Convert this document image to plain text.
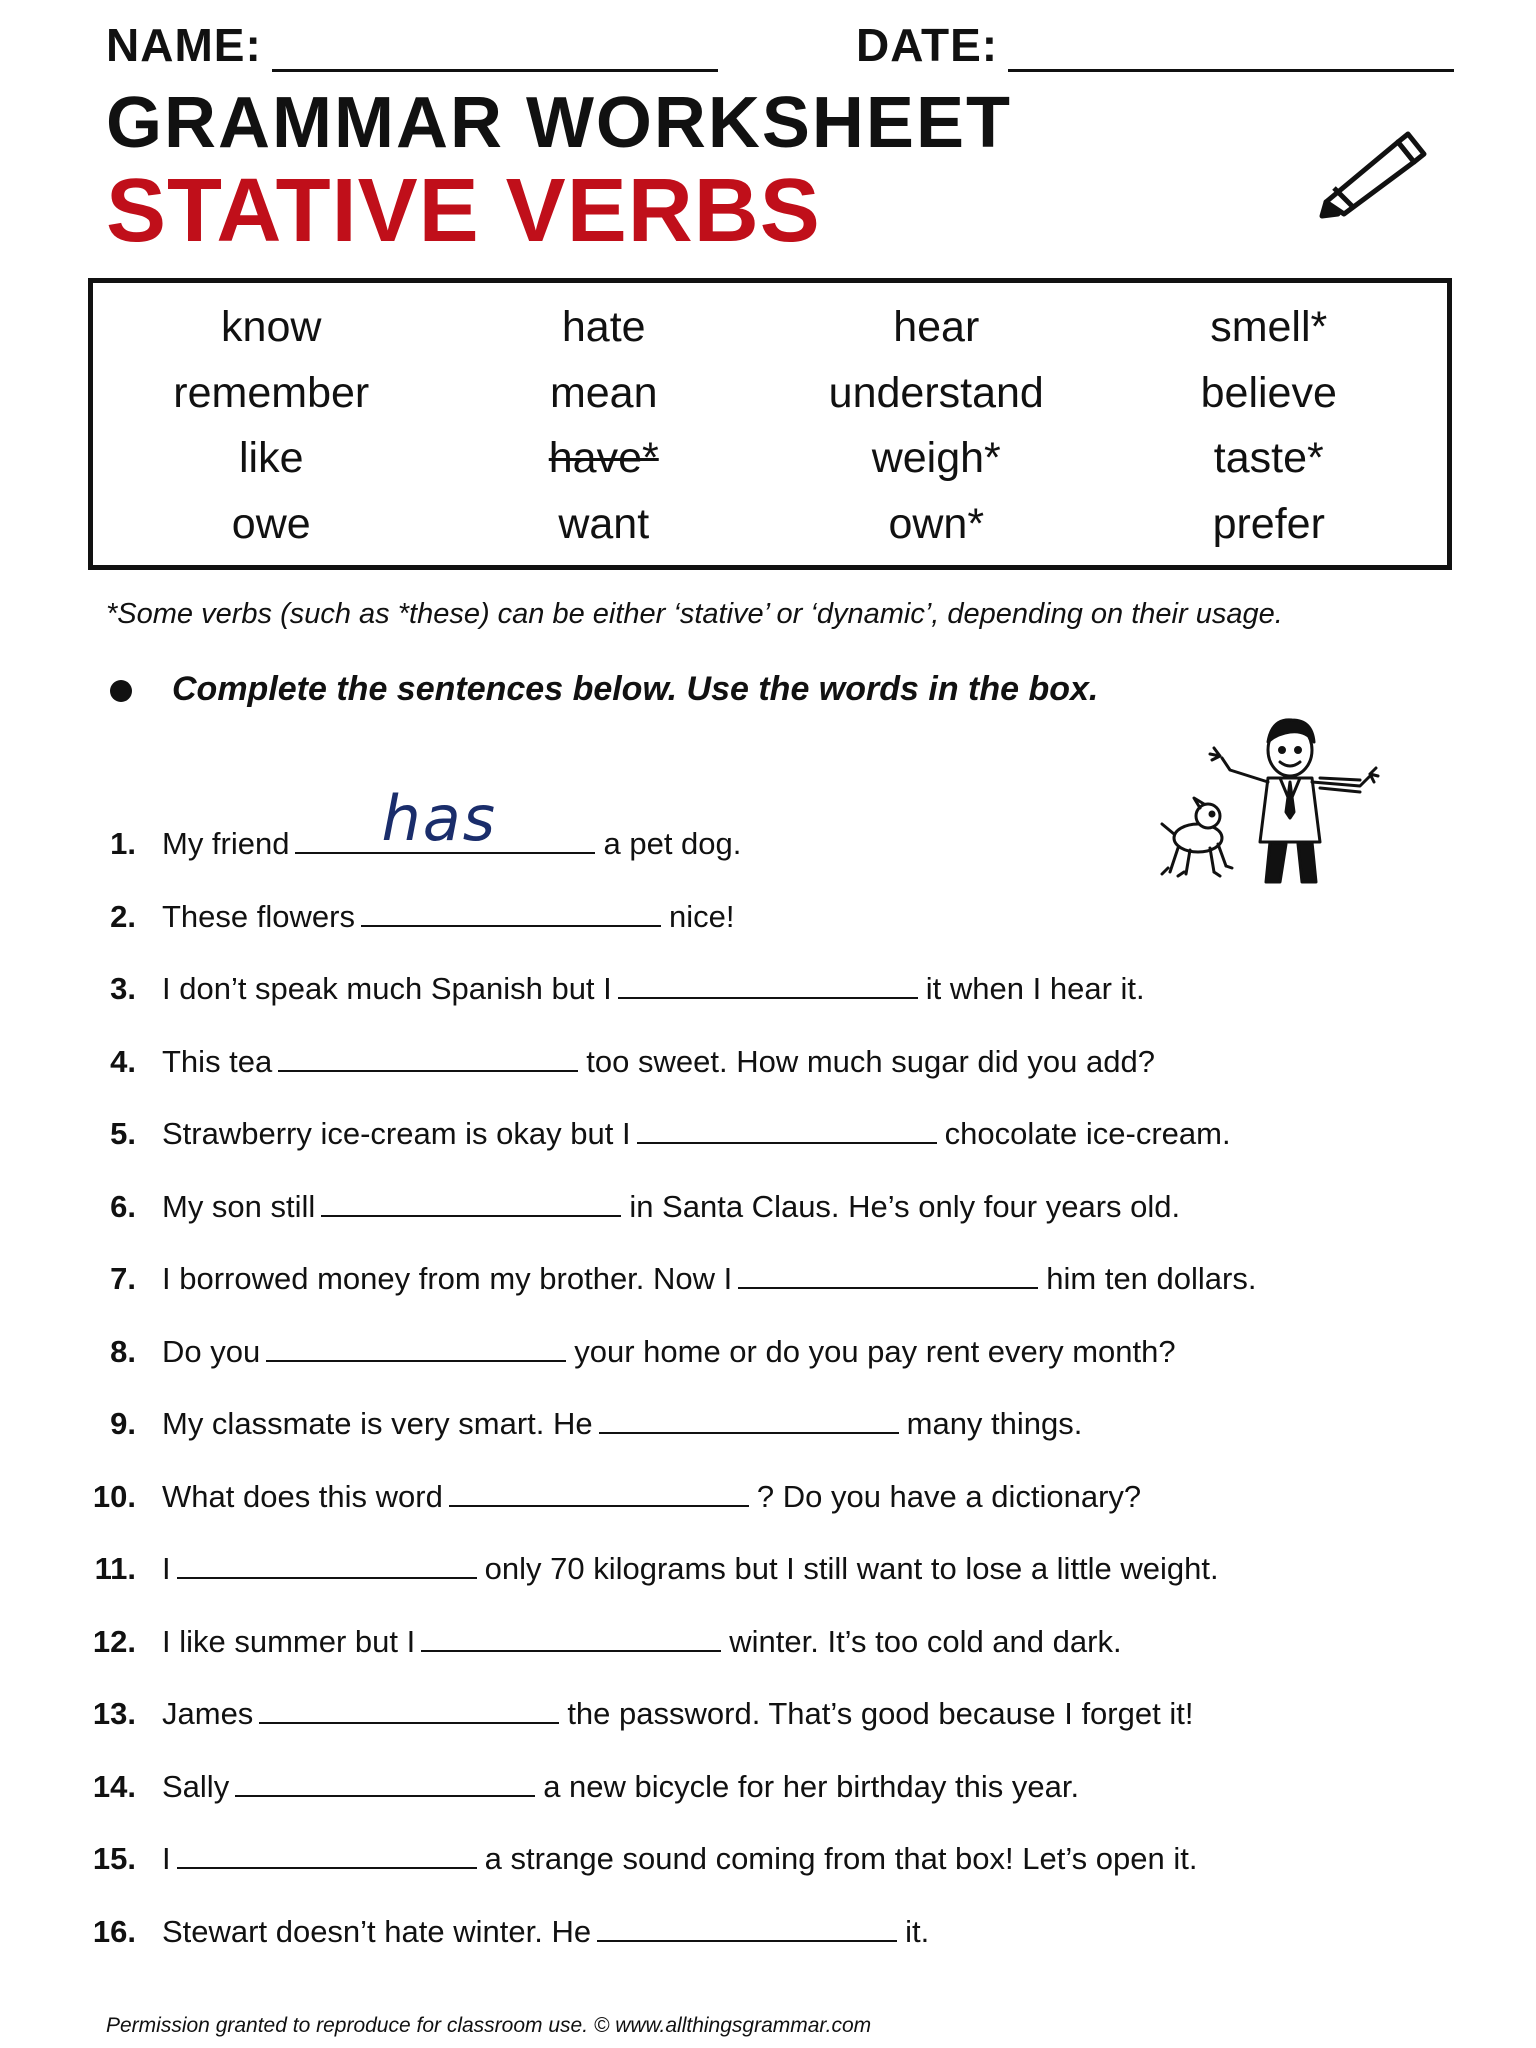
NAME:	DATE:
GRAMMAR WORKSHEET
STATIVE VERBS
know	hate	hear	smell*
remember	mean	understand	believe
like	have*	weigh*	taste*
owe	want	own*	prefer
*Some verbs (such as *these) can be either ‘stative’ or ‘dynamic’, depending on their usage.
Complete the sentences below. Use the words in the box.
1. My friend has	a pet dog.
2. These flowers	nice!
3. I don’t speak much Spanish but I	it when I hear it.
4. This tea	too sweet. How much sugar did you add?
5. Strawberry ice-cream is okay but I	chocolate ice-cream.
6. My son still	in Santa Claus. He’s only four years old.
7. I borrowed money from my brother. Now I	him ten dollars.
8. Do you	your home or do you pay rent every month?
9. My classmate is very smart. He	many things.
10. What does this word	? Do you have a dictionary?
11. I	only 70 kilograms but I still want to lose a little weight.
12. I like summer but I	winter. It’s too cold and dark.
13. James	the password. That’s good because I forget it!
14. Sally	a new bicycle for her birthday this year.
15. I	a strange sound coming from that box! Let’s open it.
16. Stewart doesn’t hate winter. He	it.
Permission granted to reproduce for classroom use. © www.allthingsgrammar.com
